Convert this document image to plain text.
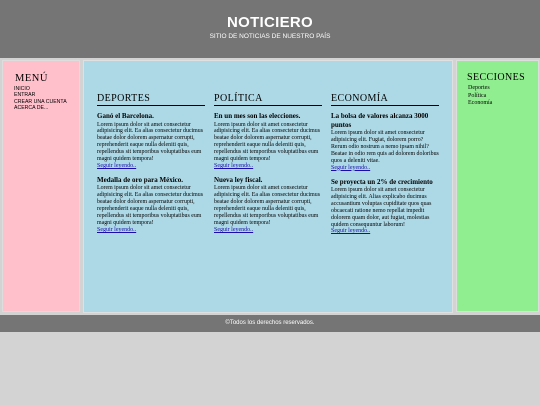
NOTICIERO
SITIO DE NOTICIAS DE NUESTRO PAÍS
MENÚ
INICIO
ENTRAR
CREAR UNA CUENTA
ACERCA DE...
DEPORTES
Ganó el Barcelona.

Lorem ipsum dolor sit amet consectetur adipisicing elit. Ea alias consectetur ducimus beatae dolor dolorem aspernatur corrupti, reprehenderit eaque nulla deleniti quis, repellendus sit temporibus voluptatibus eum magni quidem tempora!

Seguir leyendo..
Medalla de oro para México.

Lorem ipsum dolor sit amet consectetur adipisicing elit. Ea alias consectetur ducimus beatae dolor dolorem aspernatur corrupti, reprehenderit eaque nulla deleniti quis, repellendus sit temporibus voluptatibus eum magni quidem tempora!

Seguir leyendo..
POLÍTICA
En un mes son las elecciones.

Lorem ipsum dolor sit amet consectetur adipisicing elit. Ea alias consectetur ducimus beatae dolor dolorem aspernatur corrupti, reprehenderit eaque nulla deleniti quis, repellendus sit temporibus voluptatibus eum magni quidem tempora!

Seguir leyendo..
Nueva ley fiscal.

Lorem ipsum dolor sit amet consectetur adipisicing elit. Ea alias consectetur ducimus beatae dolor dolorem aspernatur corrupti, reprehenderit eaque nulla deleniti quis, repellendus sit temporibus voluptatibus eum magni quidem tempora!

Seguir leyendo..
ECONOMÍA
La bolsa de valores alcanza 3000 puntos

Lorem ipsum dolor sit amet consectetur adipisicing elit. Fugiat, dolorem porro? Rerum odio nostrum a nemo ipsam nihil? Beatae in odio rem quis ad dolorem doloribus quos a deleniti vitae.

Seguir leyendo..
Se proyecta un 2% de crecimiento

Lorem ipsum dolor sit amet consectetur adipisicing elit. Alias explicabo ducimus accusantium voluptas cupiditate quos quas obcaecati ratione nemo repellat impedit dolorem quam dolor, aut fugiat, molestias quidem consequuntur laborum!

Seguir leyendo..
SECCIONES
Deportes
Política
Economía
©Todos los derechos reservados.
